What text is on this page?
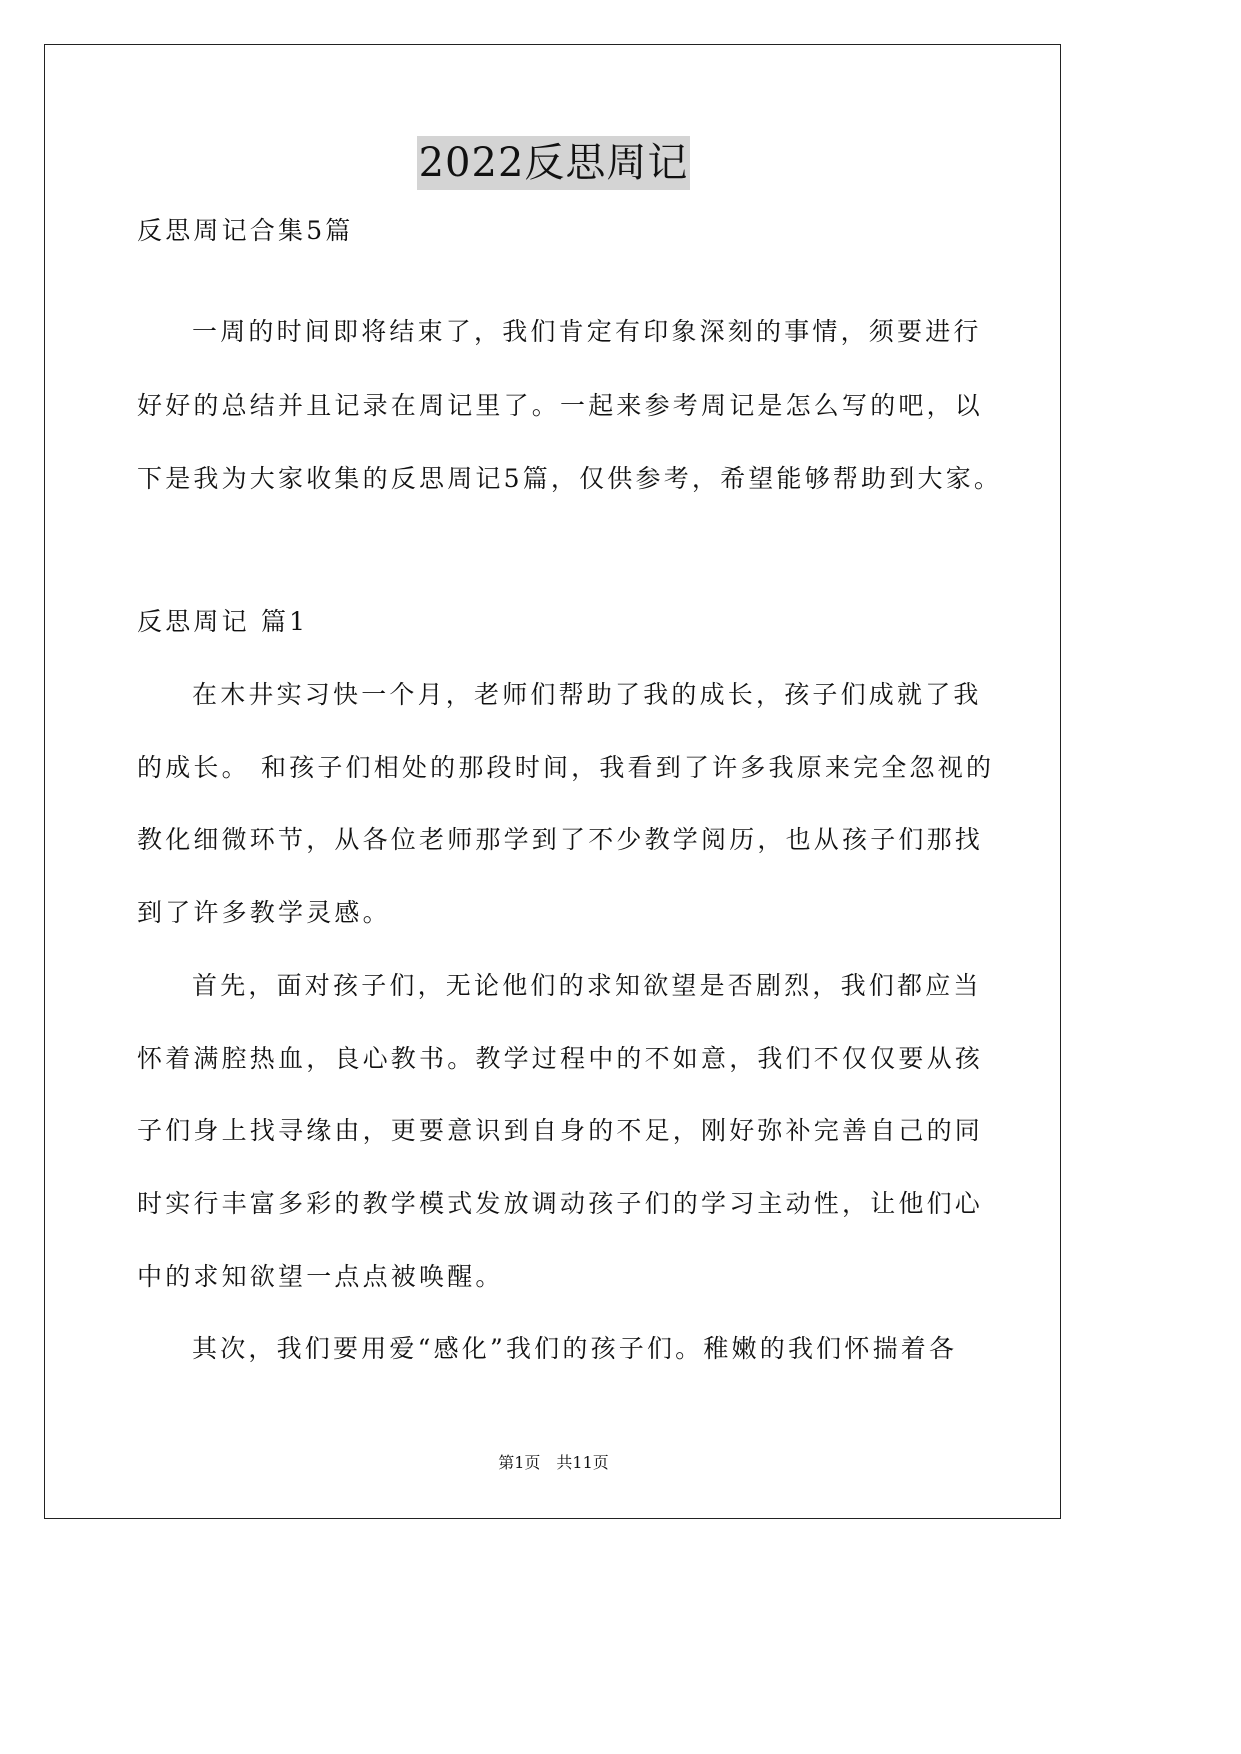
2022反思周记
反思周记合集5篇
一周的时间即将结束了，我们肯定有印象深刻的事情，须要进行
好好的总结并且记录在周记里了。一起来参考周记是怎么写的吧，以
下是我为大家收集的反思周记5篇，仅供参考，希望能够帮助到大家。
反思周记 篇1
在木井实习快一个月，老师们帮助了我的成长，孩子们成就了我
的成长。 和孩子们相处的那段时间，我看到了许多我原来完全忽视的
教化细微环节，从各位老师那学到了不少教学阅历，也从孩子们那找
到了许多教学灵感。
首先，面对孩子们，无论他们的求知欲望是否剧烈，我们都应当
怀着满腔热血，良心教书。教学过程中的不如意，我们不仅仅要从孩
子们身上找寻缘由，更要意识到自身的不足，刚好弥补完善自己的同
时实行丰富多彩的教学模式发放调动孩子们的学习主动性，让他们心
中的求知欲望一点点被唤醒。
其次，我们要用爱“感化”我们的孩子们。稚嫩的我们怀揣着各
第1页　共11页
